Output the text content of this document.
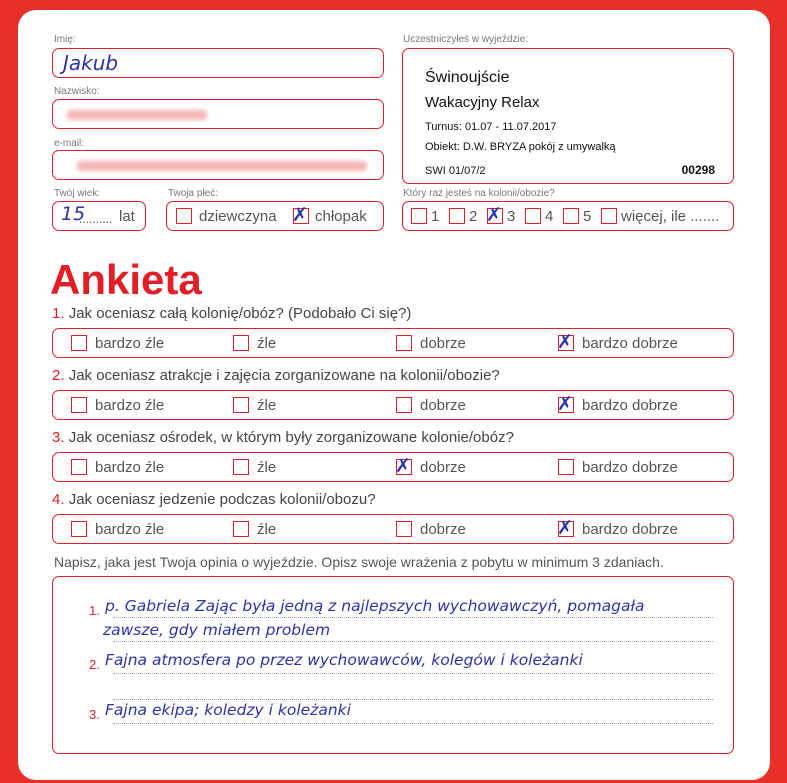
Imię:
Jakub
Nazwisko:
e-mail:
Twój wiek:
15
.......... lat
Twoja płeć:
dziewczyna ✗ chłopak
Uczestniczyłeś w wyjeździe:
Świnoujście
Wakacyjny Relax
Turnus: 01.07 - 11.07.2017
Obiekt: D.W. BRYZA pokój z umywalką
SWI 01/07/2	00298
Który raz jesteś na kolonii/obozie?
1 2 ✗ 3 4 5 więcej, ile .......
Ankieta
1. Jak oceniasz całą kolonię/obóz? (Podobało Ci się?)
bardzo źle	źle	dobrze	✗ bardzo dobrze
2. Jak oceniasz atrakcje i zajęcia zorganizowane na kolonii/obozie?
bardzo źle	źle	dobrze	✗ bardzo dobrze
3. Jak oceniasz ośrodek, w którym były zorganizowane kolonie/obóz?
bardzo źle	źle	✗ dobrze	bardzo dobrze
4. Jak oceniasz jedzenie podczas kolonii/obozu?
bardzo źle	źle	dobrze	✗ bardzo dobrze
Napisz, jaka jest Twoja opinia o wyjeździe. Opisz swoje wrażenia z pobytu w minimum 3 zdaniach.
1. p. Gabriela Zając była jedną z najlepszych wychowawczyń, pomagała
zawsze, gdy miałem problem
2. Fajna atmosfera po przez wychowawców, kolegów i koleżanki
3. Fajna ekipa; koledzy i koleżanki
